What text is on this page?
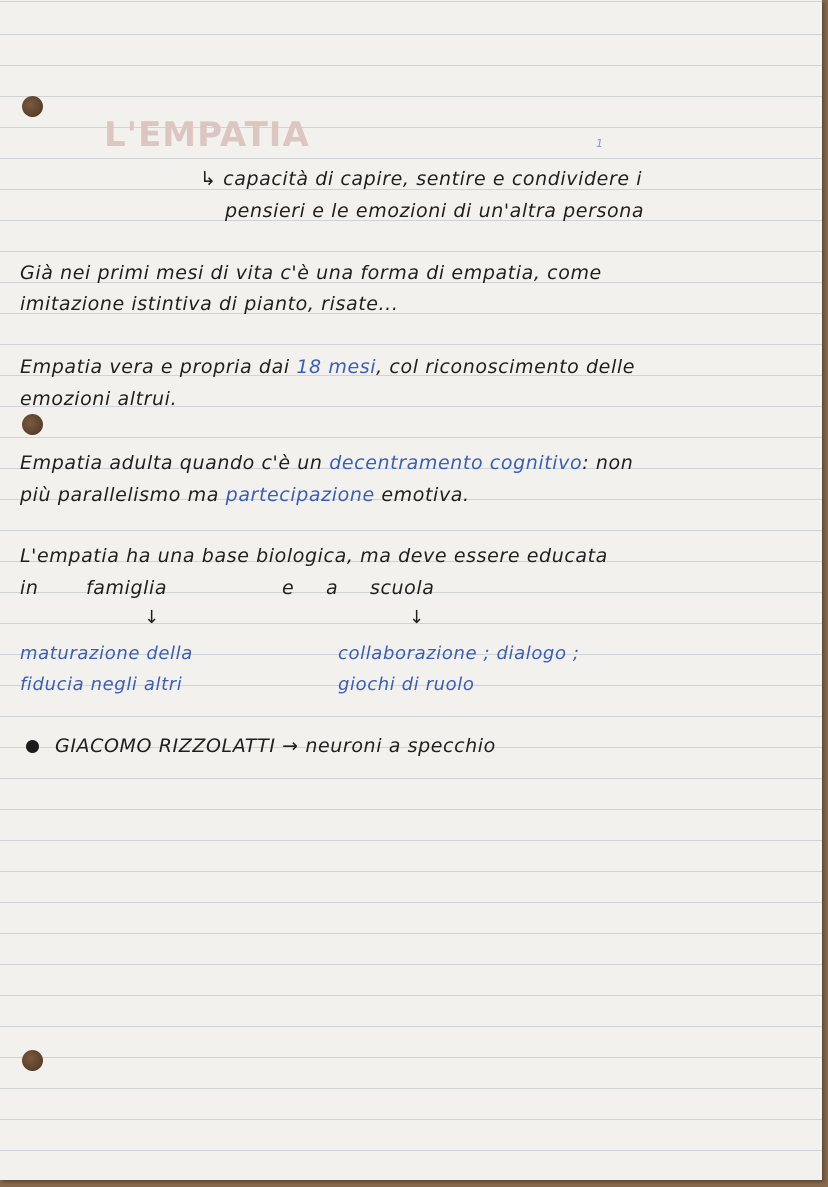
L'EMPATIA	1

↳ capacità di capire, sentire e condividere i

pensieri e le emozioni di un'altra persona

Già nei primi mesi di vita c'è una forma di empatia, come

imitazione istintiva di pianto, risate...

Empatia vera e propria dai 18 mesi, col riconoscimento delle

emozioni altrui.

Empatia adulta quando c'è un decentramento cognitivo: non

più parallelismo ma partecipazione emotiva.

L'empatia ha una base biologica, ma deve essere educata

in famiglia	e a scuola

↓	↓

maturazione della

fiducia negli altri

collaborazione ; dialogo ;

giochi di ruolo

GIACOMO RIZZOLATTI → neuroni a specchio
